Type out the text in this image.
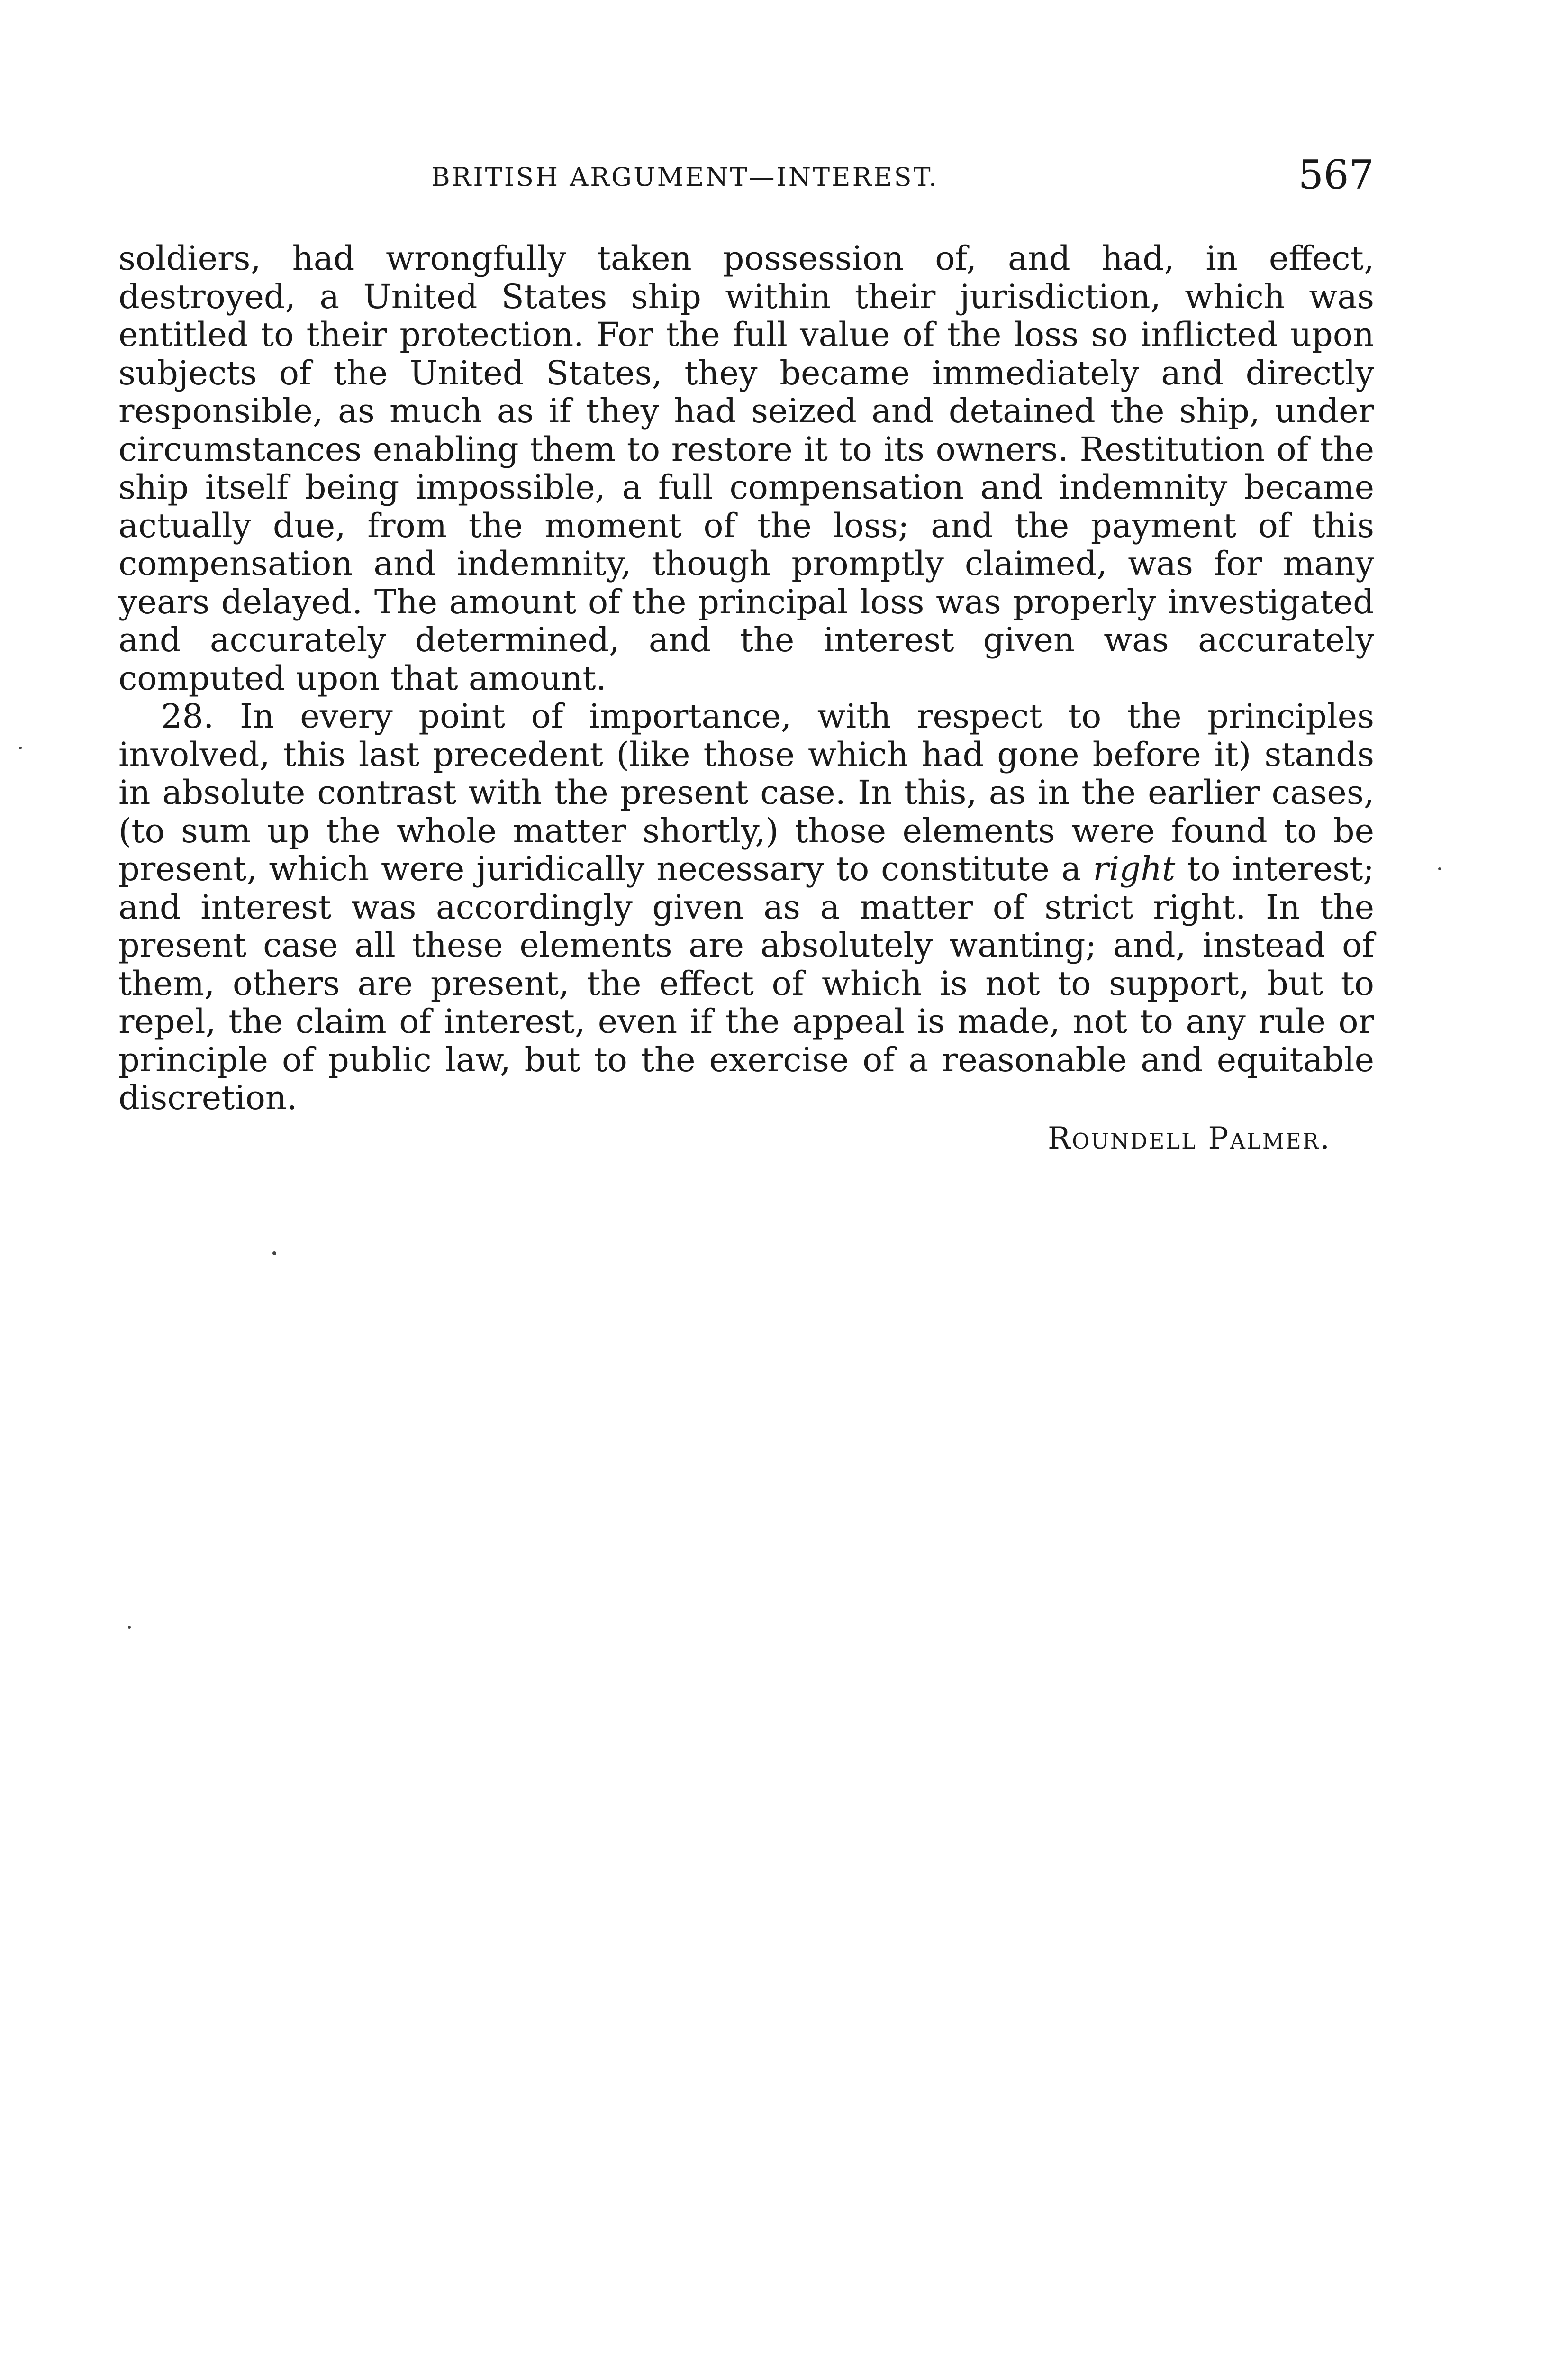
BRITISH ARGUMENT—INTEREST.	567

soldiers, had wrongfully taken possession of, and had, in effect, destroyed, a United States ship within their jurisdiction, which was entitled to their protection. For the full value of the loss so inflicted upon subjects of the United States, they became immediately and directly responsible, as much as if they had seized and detained the ship, under circumstances enabling them to restore it to its owners. Restitution of the ship itself being impossible, a full compensation and indemnity became actually due, from the moment of the loss; and the payment of this compensation and indemnity, though promptly claimed, was for many years delayed. The amount of the principal loss was properly investigated and accurately determined, and the interest given was accurately computed upon that amount.

28. In every point of importance, with respect to the principles involved, this last precedent (like those which had gone before it) stands in absolute contrast with the present case. In this, as in the earlier cases, (to sum up the whole matter shortly,) those elements were found to be present, which were juridically necessary to constitute a right to interest; and interest was accordingly given as a matter of strict right. In the present case all these elements are absolutely wanting; and, instead of them, others are present, the effect of which is not to support, but to repel, the claim of interest, even if the appeal is made, not to any rule or principle of public law, but to the exercise of a reasonable and equitable discretion.

Roundell Palmer.
